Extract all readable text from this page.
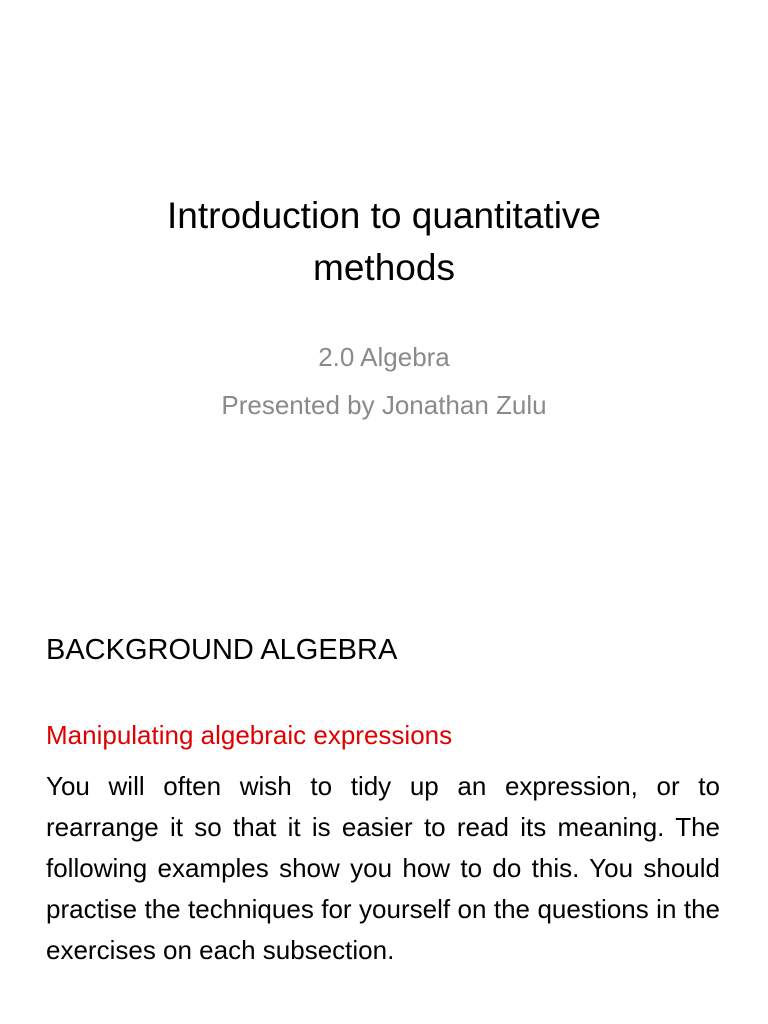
Introduction to quantitative
methods
2.0 Algebra
Presented by Jonathan Zulu
BACKGROUND ALGEBRA
Manipulating algebraic expressions
You will often wish to tidy up an expression, or to rearrange it so that it is easier to read its meaning. The following examples show you how to do this. You should practise the techniques for yourself on the questions in the exercises on each subsection.
